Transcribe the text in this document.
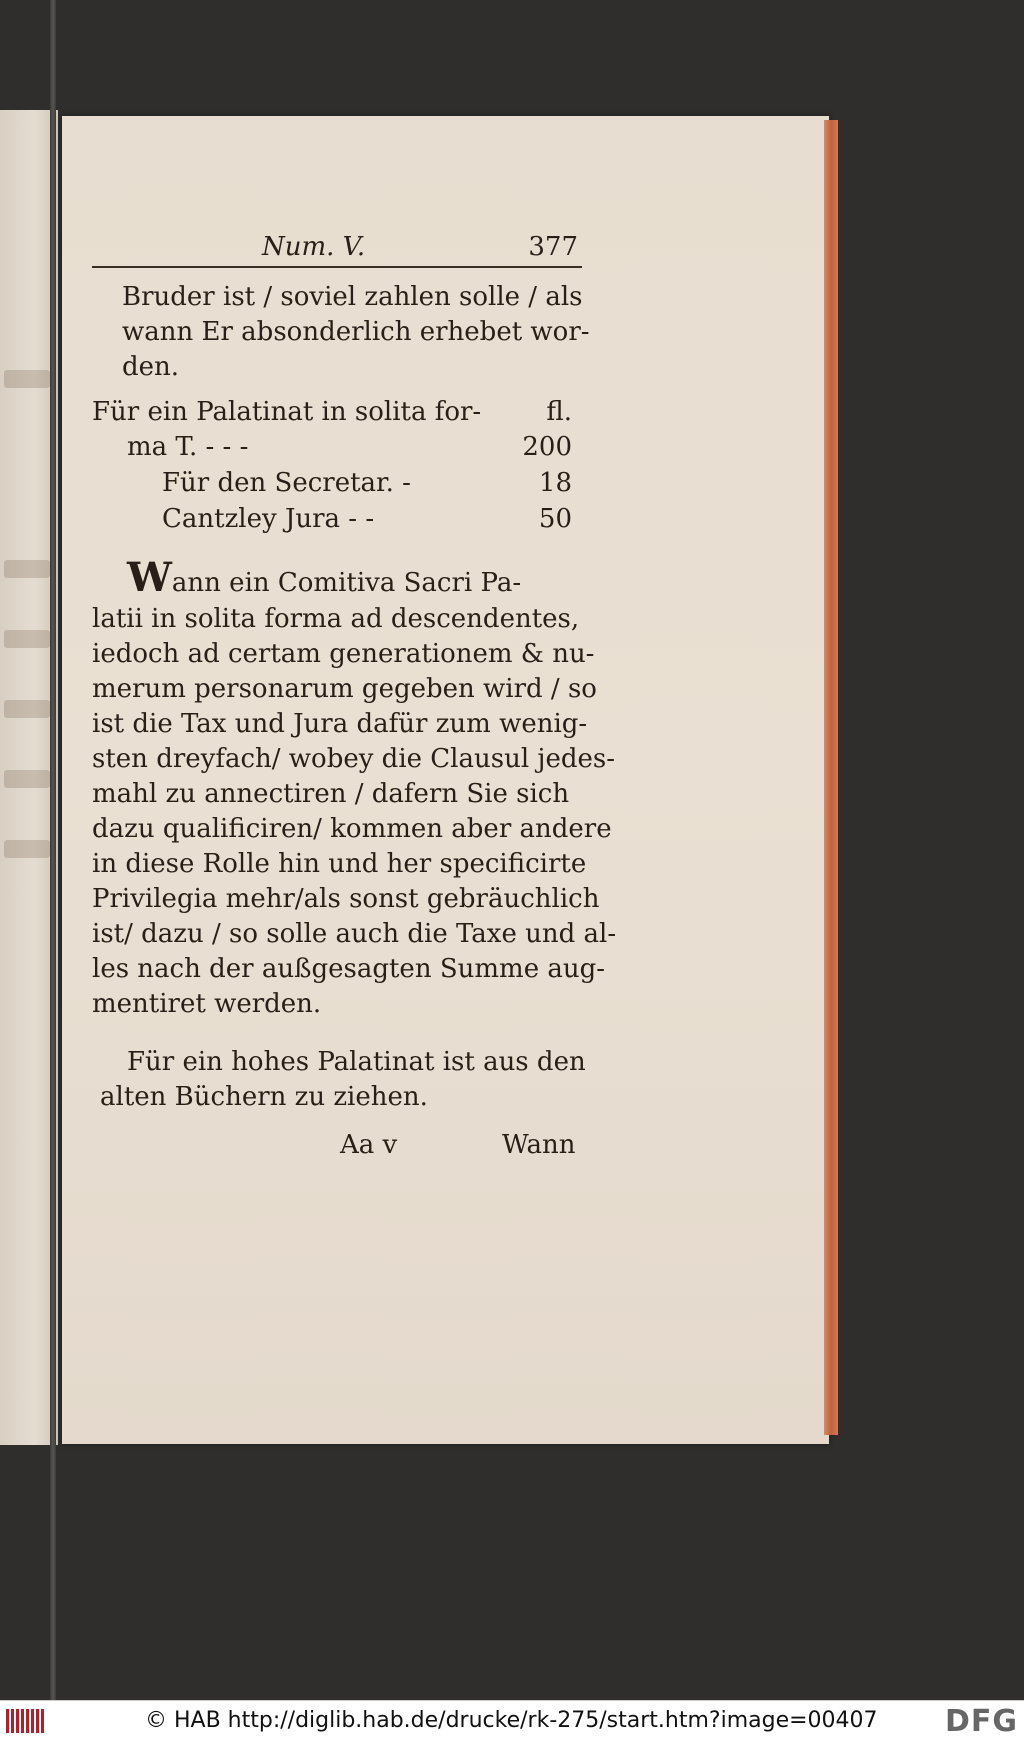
Num. V.	377
Bruder ist / soviel zahlen solle / als
wann Er absonderlich erhebet wor-
den.
Für ein Palatinat in solita for-	fl.
ma T. - - -	200
Für den Secretar. -	18
Cantzley Jura - -	50
Wann ein Comitiva Sacri Pa-
latii in solita forma ad descendentes,
iedoch ad certam generationem & nu-
merum personarum gegeben wird / so
ist die Tax und Jura dafür zum wenig-
sten dreyfach/ wobey die Clausul jedes-
mahl zu annectiren / dafern Sie sich
dazu qualificiren/ kommen aber andere
in diese Rolle hin und her specificirte
Privilegia mehr/als sonst gebräuchlich
ist/ dazu / so solle auch die Taxe und al-
les nach der außgesagten Summe aug-
mentiret werden.
Für ein hohes Palatinat ist aus den
alten Büchern zu ziehen.
Aa v	Wann
© HAB http://diglib.hab.de/drucke/rk-275/start.htm?image=00407 DFG
